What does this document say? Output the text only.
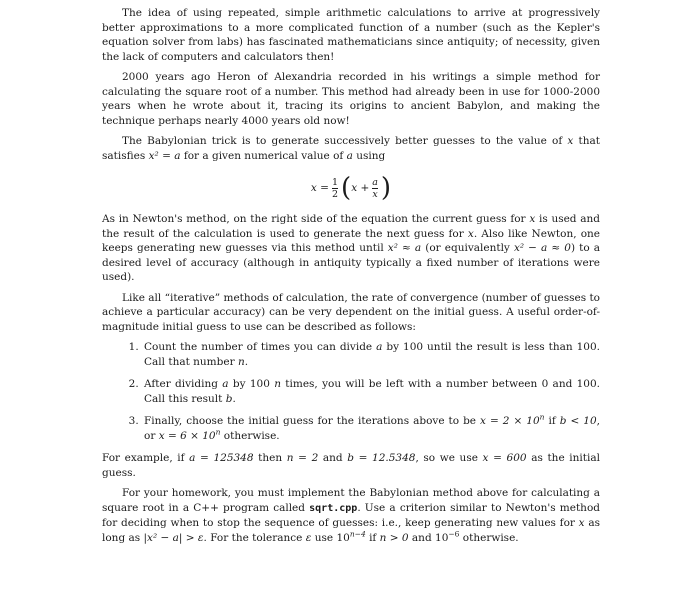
The idea of using repeated, simple arithmetic calculations to arrive at progressively better approximations to a more complicated function of a number (such as the Kepler's equation solver from labs) has fascinated mathematicians since antiquity; of necessity, given the lack of computers and calculators then!

2000 years ago Heron of Alexandria recorded in his writings a simple method for calculating the square root of a number. This method had already been in use for 1000-2000 years when he wrote about it, tracing its origins to ancient Babylon, and making the technique perhaps nearly 4000 years old now!

The Babylonian trick is to generate successively better guesses to the value of x that satisfies x² = a for a given numerical value of a using

$x = \frac{1}{2}$ ( $x + \frac{a}{x}$ )

As in Newton's method, on the right side of the equation the current guess for x is used and the result of the calculation is used to generate the next guess for x. Also like Newton, one keeps generating new guesses via this method until x² ≈ a (or equivalently x² − a ≈ 0) to a desired level of accuracy (although in antiquity typically a fixed number of iterations were used).

Like all “iterative” methods of calculation, the rate of convergence (number of guesses to achieve a particular accuracy) can be very dependent on the initial guess. A useful order-of-magnitude initial guess to use can be described as follows:

1. Count the number of times you can divide a by 100 until the result is less than 100. Call that number n.
2. After dividing a by 100 n times, you will be left with a number between 0 and 100. Call this result b.
3. Finally, choose the initial guess for the iterations above to be $x = 2 \times 10^n$ if b < 10, or $x = 6 \times 10^n$ otherwise.

For example, if a = 125348 then n = 2 and b = 12.5348, so we use x = 600 as the initial guess.

For your homework, you must implement the Babylonian method above for calculating a square root in a C++ program called sqrt.cpp. Use a criterion similar to Newton's method for deciding when to stop the sequence of guesses: i.e., keep generating new values for x as long as |x² − a| > ε. For the tolerance ε use $10^{n-4}$ if n > 0 and $10^{-6}$ otherwise.
